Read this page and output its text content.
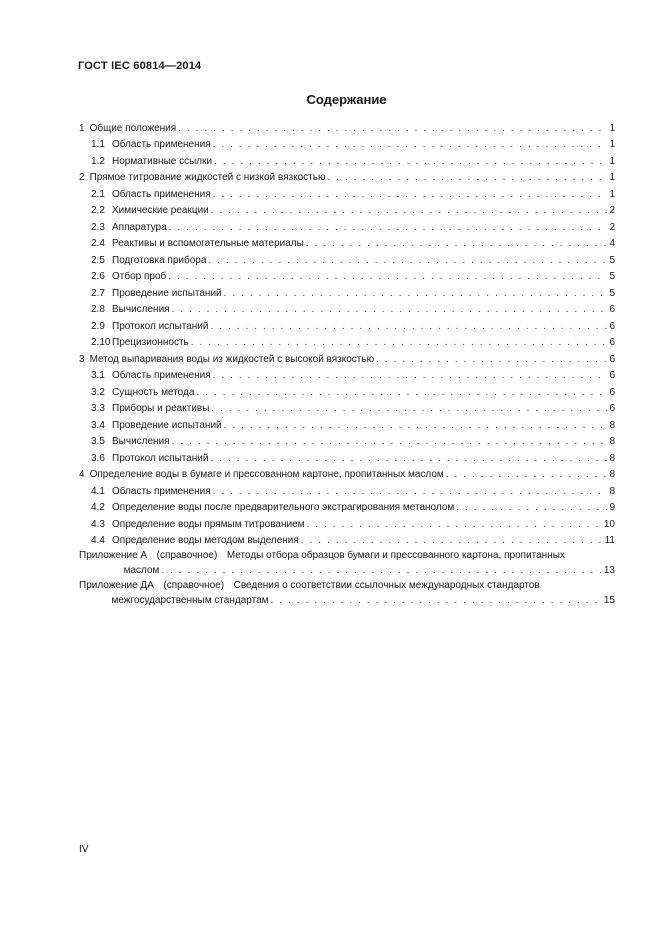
ГОСТ IEC 60814—2014
Содержание
1 Общие положения . . .	1
1.1 Область применения . . .	1
1.2 Нормативные ссылки . . .	1
2 Прямое титрование жидкостей с низкой вязкостью . . .	1
2.1 Область применения . . .	1
2.2 Химические реакции . . .	2
2.3 Аппаратура . . .	2
2.4 Реактивы и вспомогательные материалы . . .	4
2.5 Подготовка прибора . . .	5
2.6 Отбор проб . . .	5
2.7 Проведение испытаний . . .	5
2.8 Вычисления . . .	6
2.9 Протокол испытаний . . .	6
2.10 Прецизионность . . .	6
3 Метод выпаривания воды из жидкостей с высокой вязкостью . . .	6
3.1 Область применения . . .	6
3.2 Сущность метода . . .	6
3.3 Приборы и реактивы . . .	6
3.4 Проведение испытаний . . .	8
3.5 Вычисления . . .	8
3.6 Протокол испытаний . . .	8
4 Определение воды в бумаге и прессованном картоне, пропитанных маслом . . .	8
4.1 Область применения . . .	8
4.2 Определение воды после предварительного экстрагирования метанолом . . .	9
4.3 Определение воды прямым титрованием . . .	10
4.4 Определение воды методом выделения . . .	11
Приложение А (справочное) Методы отбора образцов бумаги и прессованного картона, пропитанных
маслом . . .	13
Приложение ДА (справочное) Сведения о соответствии ссылочных международных стандартов
межгосударственным стандартам . . .	15
IV
